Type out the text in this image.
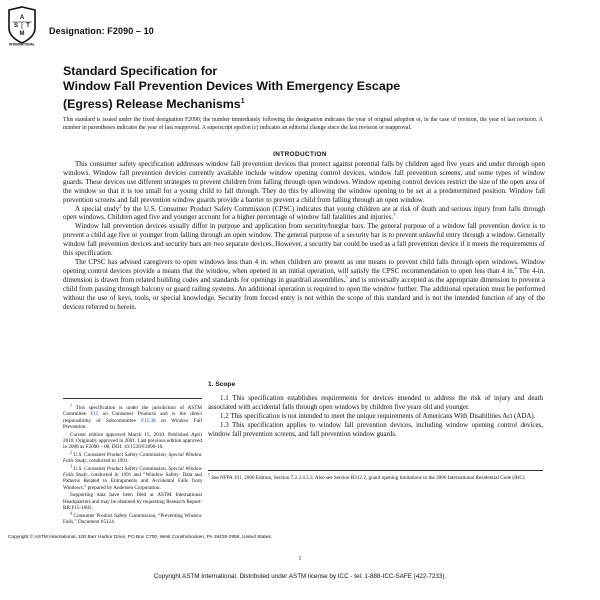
A
S T
M
INTERNATIONAL
Designation: F2090 – 10
Standard Specification for
Window Fall Prevention Devices With Emergency Escape
(Egress) Release Mechanisms$^1$
This standard is issued under the fixed designation F2090; the number immediately following the designation indicates the year of original adoption or, in the case of revision, the year of last revision. A number in parentheses indicates the year of last reapproval. A superscript epsilon (ε) indicates an editorial change since the last revision or reapproval.
INTRODUCTION

This consumer safety specification addresses window fall prevention devices that protect against potential falls by children aged five years and under through open windows. Window fall prevention devices currently available include window opening control devices, window fall prevention screens, and some types of window guards. These devices use different strategies to prevent children from falling through open windows. Window opening control devices restrict the size of the open area of the window so that it is too small for a young child to fall through. They do this by allowing the window opening to be set at a predetermined position. Window fall prevention screens and fall prevention window guards provide a barrier to prevent a child from falling through an open window.

A special study$^2$ by the U.S. Consumer Product Safety Commission (CPSC) indicates that young children are at risk of death and serious injury from falls through open windows. Children aged five and younger account for a higher percentage of window fall fatalities and injuries.$^3$

Window fall prevention devices usually differ in purpose and application from security/burglar bars. The general purpose of a window fall prevention device is to prevent a child age five or younger from falling through an open window. The general purpose of a security bar is to prevent unlawful entry through a window. Generally window fall prevention devices and security bars are two separate devices. However, a security bar could be used as a fall prevention device if it meets the requirements of this specification.

The CPSC has advised caregivers to open windows less than 4 in. when children are present as one means to prevent child falls through open windows. Window opening control devices provide a means that the window, when opened in an initial operation, will satisfy the CPSC recommendation to open less than 4 in.$^4$ The 4-in. dimension is drawn from related building codes and standards for openings in guardrail assemblies,$^5$ and is universally accepted as the appropriate dimension to prevent a child from passing through balcony or guard railing systems. An additional operation is required to open the window further. The additional operation must be performed without the use of keys, tools, or special knowledge. Security from forced entry is not within the scope of this standard and is not the intended function of any of the devices referred to herein.

$^1$ This specification is under the jurisdiction of ASTM Committee F15 on Consumer Products and is the direct responsibility of Subcommittee F15.38 on Window Fall Prevention.

Current edition approved March 15, 2010. Published April 2010. Originally approved in 2001. Last previous edition approved in 2008 as F2090 – 08. DOI: 10.1520/F2090-10.

$^2$ U.S. Consumer Product Safety Commission, Special Window Falls Study, conducted in 1991.

$^3$ U.S. Consumer Product Safety Commission, Special Window Falls Study, conducted in 1991 and “Window Safety: Data and Patterns Related to Entrapments and Accidental Falls from Windows,” prepared by Andersen Corporation.

Supporting data have been filed at ASTM International Headquarters and may be obtained by requesting Research Report: RR:F15-1002.

$^4$ Consumer Product Safety Commission, “Preventing Window Falls,” Document #5124.

1. Scope

1.1 This specification establishes requirements for devices intended to address the risk of injury and death associated with accidental falls through open windows by children five years old and younger.

1.2 This specification is not intended to meet the unique requirements of Americans With Disabilities Act (ADA).

1.3 This specification applies to window fall prevention devices, including window opening control devices, window fall prevention screens, and fall prevention window guards.

$^5$ See NFPA 101, 2006 Edition, Section 7.2.2.4.5.3. Also see Section R312.2, guard opening limitations in the 2006 International Residential Code (IRC).
Copyright © ASTM International, 100 Barr Harbor Drive, PO Box C700, West Conshohocken, PA 19428-2959, United States.
1
Copyright ASTM International. Distributed under ASTM license by ICC - tel: 1-888-ICC-SAFE (422-7233).
